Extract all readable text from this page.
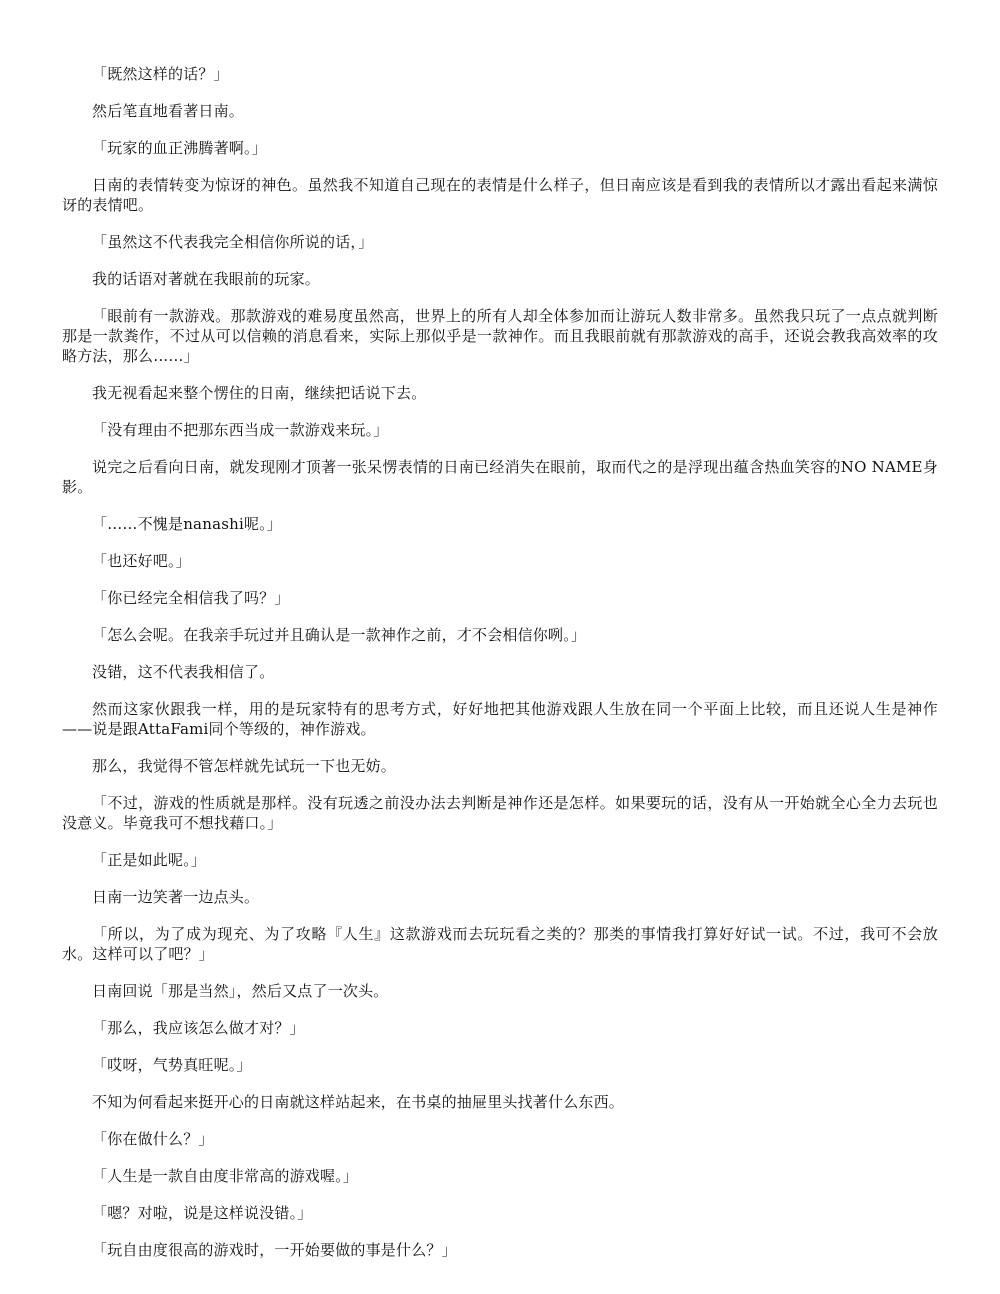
「既然这样的话？」

然后笔直地看著日南。

「玩家的血正沸腾著啊。」

日南的表情转变为惊讶的神色。虽然我不知道自己现在的表情是什么样子，但日南应该是看到我的表情所以才露出看起来满惊讶的表情吧。

「虽然这不代表我完全相信你所说的话，」

我的话语对著就在我眼前的玩家。

「眼前有一款游戏。那款游戏的难易度虽然高，世界上的所有人却全体参加而让游玩人数非常多。虽然我只玩了一点点就判断那是一款粪作，不过从可以信赖的消息看来，实际上那似乎是一款神作。而且我眼前就有那款游戏的高手，还说会教我高效率的攻略方法，那么……」

我无视看起来整个愣住的日南，继续把话说下去。

「没有理由不把那东西当成一款游戏来玩。」

说完之后看向日南，就发现刚才顶著一张呆愣表情的日南已经消失在眼前，取而代之的是浮现出蕴含热血笑容的NO NAME身影。

「……不愧是nanashi呢。」

「也还好吧。」

「你已经完全相信我了吗？」

「怎么会呢。在我亲手玩过并且确认是一款神作之前，才不会相信你咧。」

没错，这不代表我相信了。

然而这家伙跟我一样，用的是玩家特有的思考方式，好好地把其他游戏跟人生放在同一个平面上比较，而且还说人生是神作——说是跟AttaFami同个等级的，神作游戏。

那么，我觉得不管怎样就先试玩一下也无妨。

「不过，游戏的性质就是那样。没有玩透之前没办法去判断是神作还是怎样。如果要玩的话，没有从一开始就全心全力去玩也没意义。毕竟我可不想找藉口。」

「正是如此呢。」

日南一边笑著一边点头。

「所以，为了成为现充、为了攻略『人生』这款游戏而去玩玩看之类的？那类的事情我打算好好试一试。不过，我可不会放水。这样可以了吧？」

日南回说「那是当然」，然后又点了一次头。

「那么，我应该怎么做才对？」

「哎呀，气势真旺呢。」

不知为何看起来挺开心的日南就这样站起来，在书桌的抽屉里头找著什么东西。

「你在做什么？」

「人生是一款自由度非常高的游戏喔。」

「嗯？对啦，说是这样说没错。」

「玩自由度很高的游戏时，一开始要做的事是什么？」
